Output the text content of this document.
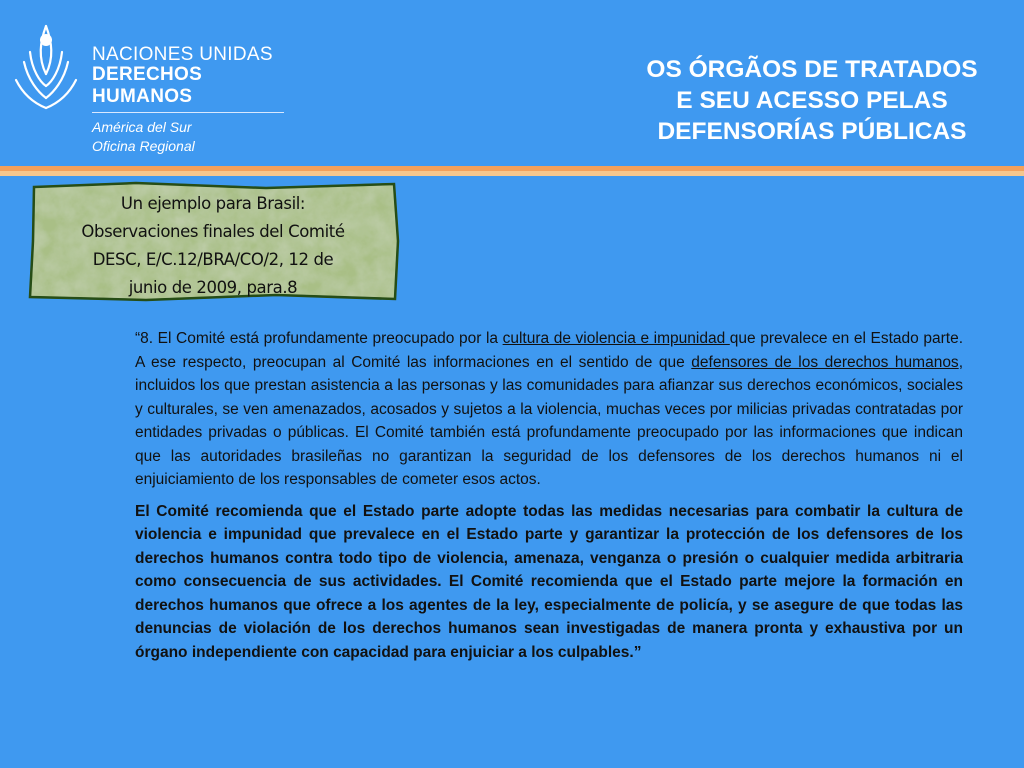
NACIONES UNIDAS
DERECHOS HUMANOS
América del Sur
Oficina Regional
OS ÓRGÃOS DE TRATADOS
E SEU ACESSO PELAS
DEFENSORÍAS PÚBLICAS
Un ejemplo para Brasil:
Observaciones finales del Comité
DESC, E/C.12/BRA/CO/2, 12 de
junio de 2009, para.8

“8. El Comité está profundamente preocupado por la cultura de violencia e impunidad que prevalece en el Estado parte. A ese respecto, preocupan al Comité las informaciones en el sentido de que defensores de los derechos humanos, incluidos los que prestan asistencia a las personas y las comunidades para afianzar sus derechos económicos, sociales y culturales, se ven amenazados, acosados y sujetos a la violencia, muchas veces por milicias privadas contratadas por entidades privadas o públicas. El Comité también está profundamente preocupado por las informaciones que indican que las autoridades brasileñas no garantizan la seguridad de los defensores de los derechos humanos ni el enjuiciamiento de los responsables de cometer esos actos.

El Comité recomienda que el Estado parte adopte todas las medidas necesarias para combatir la cultura de violencia e impunidad que prevalece en el Estado parte y garantizar la protección de los defensores de los derechos humanos contra todo tipo de violencia, amenaza, venganza o presión o cualquier medida arbitraria como consecuencia de sus actividades. El Comité recomienda que el Estado parte mejore la formación en derechos humanos que ofrece a los agentes de la ley, especialmente de policía, y se asegure de que todas las denuncias de violación de los derechos humanos sean investigadas de manera pronta y exhaustiva por un órgano independiente con capacidad para enjuiciar a los culpables.”
